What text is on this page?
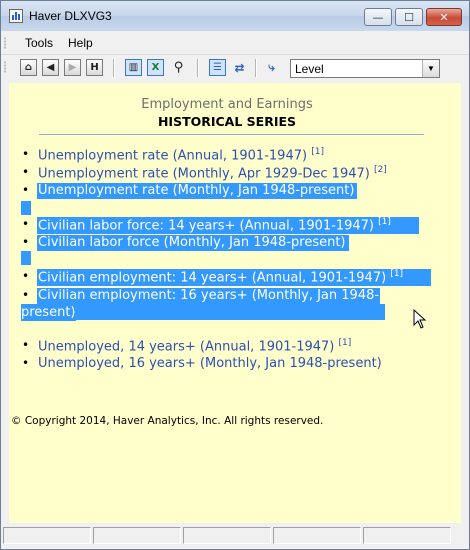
Haver DLXVG3	—	☐	✕
Tools Help
⌂	◀	▶	H	▥	X	⚲	☰	⇄	⤷	Level	▼
Employment and Earnings
HISTORICAL SERIES
• Unemployment rate (Annual, 1901-1947) [1]
• Unemployment rate (Monthly, Apr 1929-Dec 1947) [2]
• Unemployment rate (Monthly, Jan 1948-present)
• Civilian labor force: 14 years+ (Annual, 1901-1947) [1]
• Civilian labor force (Monthly, Jan 1948-present)
• Civilian employment: 14 years+ (Annual, 1901-1947) [1]
• Civilian employment: 16 years+ (Monthly, Jan 1948-
present)
• Unemployed, 14 years+ (Annual, 1901-1947) [1]
• Unemployed, 16 years+ (Monthly, Jan 1948-present)
© Copyright 2014, Haver Analytics, Inc. All rights reserved.
